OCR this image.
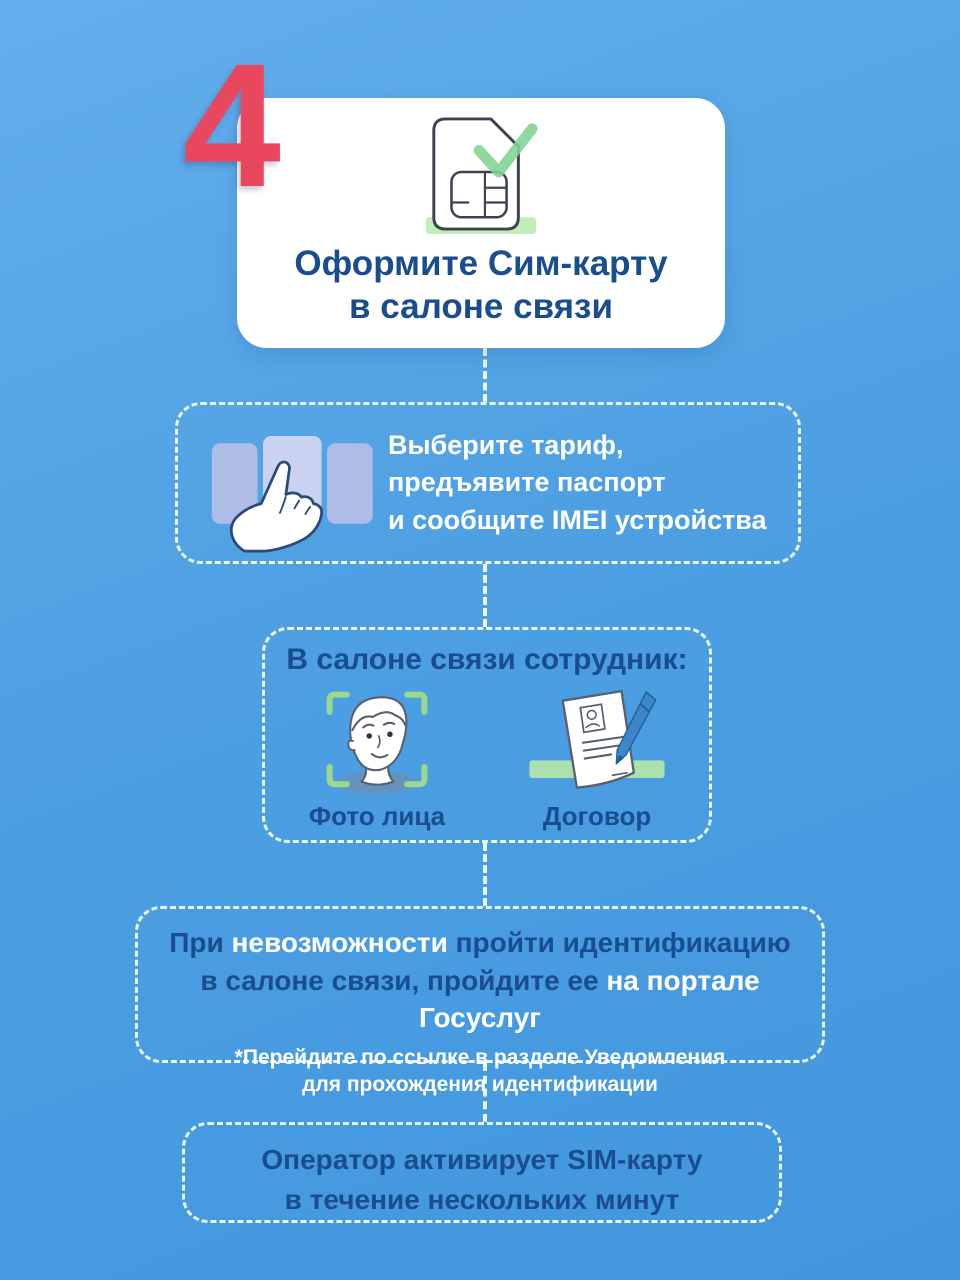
4
Оформите Сим-карту
в салоне связи
Выберите тариф,
предъявите паспорт
и сообщите IMEI устройства
В салоне связи сотрудник:
Фото лица	Договор
При невозможности пройти идентификацию
в салоне связи, пройдите ее на портале Госуслуг
*Перейдите по ссылке в разделе Уведомления
для прохождения идентификации
Оператор активирует SIM-карту
в течение нескольких минут
